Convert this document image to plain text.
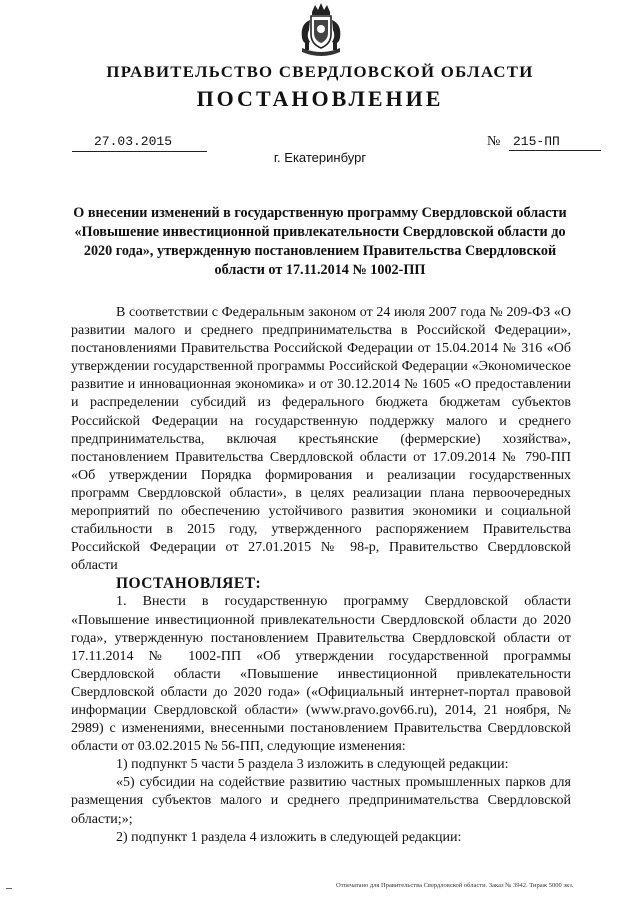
ПРАВИТЕЛЬСТВО СВЕРДЛОВСКОЙ ОБЛАСТИ
ПОСТАНОВЛЕНИЕ
27.03.2015	№ 215-ПП
г. Екатеринбург
О внесении изменений в государственную программу Свердловской области «Повышение инвестиционной привлекательности Свердловской области до 2020 года», утвержденную постановлением Правительства Свердловской области от 17.11.2014 № 1002-ПП

В соответствии с Федеральным законом от 24 июля 2007 года № 209-ФЗ «О развитии малого и среднего предпринимательства в Российской Федерации», постановлениями Правительства Российской Федерации от 15.04.2014 № 316 «Об утверждении государственной программы Российской Федерации «Экономическое развитие и инновационная экономика» и от 30.12.2014 № 1605 «О предоставлении и распределении субсидий из федерального бюджета бюджетам субъектов Российской Федерации на государственную поддержку малого и среднего предпринимательства, включая крестьянские (фермерские) хозяйства», постановлением Правительства Свердловской области от 17.09.2014 № 790-ПП «Об утверждении Порядка формирования и реализации государственных программ Свердловской области», в целях реализации плана первоочередных мероприятий по обеспечению устойчивого развития экономики и социальной стабильности в 2015 году, утвержденного распоряжением Правительства Российской Федерации от 27.01.2015 № 98-р, Правительство Свердловской области

ПОСТАНОВЛЯЕТ:

1. Внести в государственную программу Свердловской области «Повышение инвестиционной привлекательности Свердловской области до 2020 года», утвержденную постановлением Правительства Свердловской области от 17.11.2014 № 1002-ПП «Об утверждении государственной программы Свердловской области «Повышение инвестиционной привлекательности Свердловской области до 2020 года» («Официальный интернет-портал правовой информации Свердловской области» (www.pravo.gov66.ru), 2014, 21 ноября, № 2989) с изменениями, внесенными постановлением Правительства Свердловской области от 03.02.2015 № 56-ПП, следующие изменения:

1) подпункт 5 части 5 раздела 3 изложить в следующей редакции:

«5) субсидии на содействие развитию частных промышленных парков для размещения субъектов малого и среднего предпринимательства Свердловской области;»;

2) подпункт 1 раздела 4 изложить в следующей редакции:

Отпечатано для Правительства Свердловской области. Заказ № 3942. Тираж 5000 экз.
